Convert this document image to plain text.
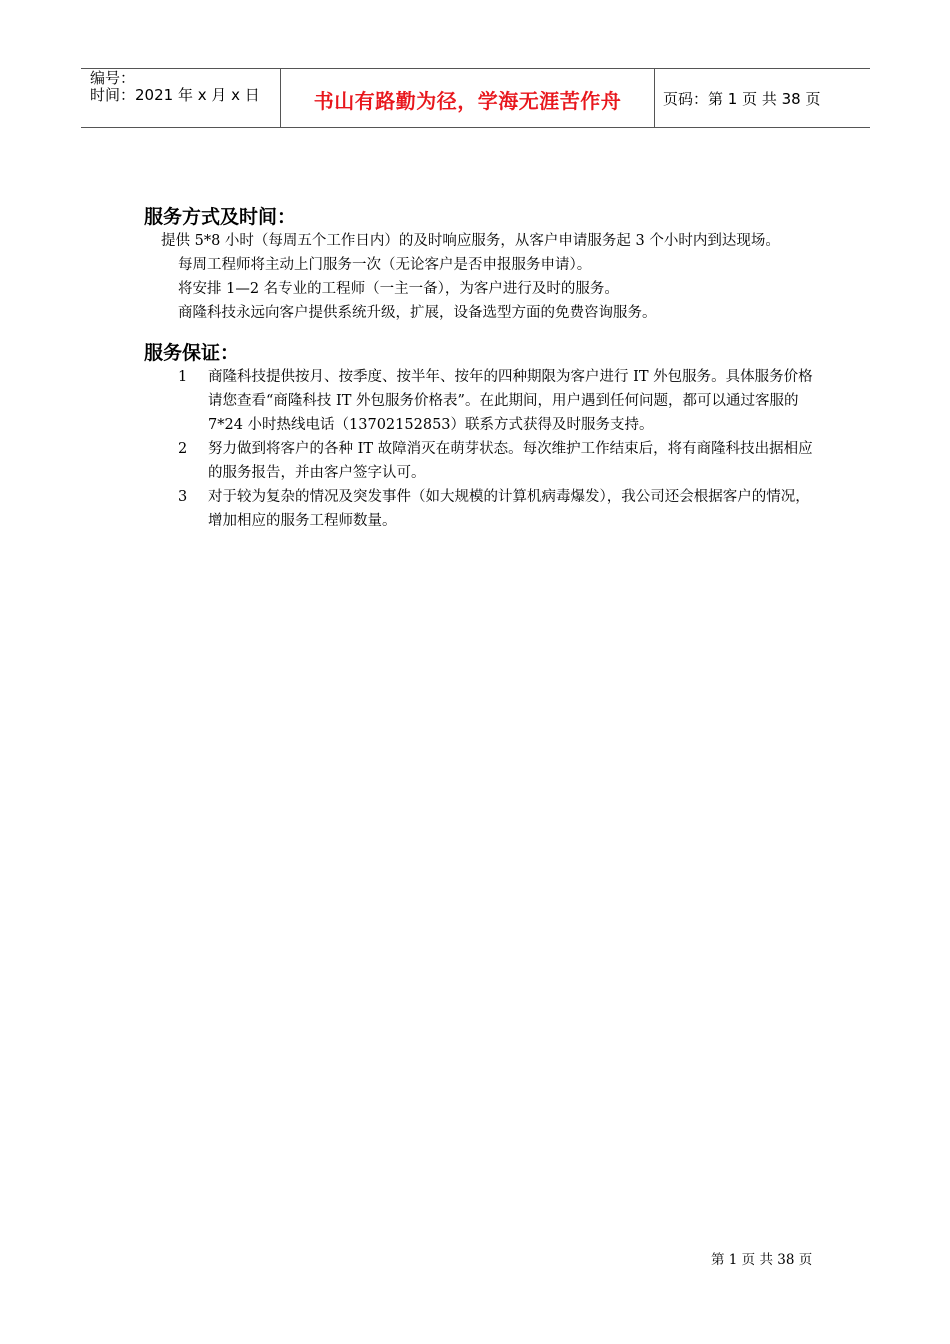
编号：
时间：2021 年 x 月 x 日	书山有路勤为径，学海无涯苦作舟	页码：第 1 页 共 38 页
服务方式及时间：

提供 5*8 小时（每周五个工作日内）的及时响应服务，从客户申请服务起 3 个小时内到达现场。

每周工程师将主动上门服务一次（无论客户是否申报服务申请）。

将安排 1—2 名专业的工程师（一主一备），为客户进行及时的服务。

商隆科技永远向客户提供系统升级，扩展，设备选型方面的免费咨询服务。

服务保证：
1 商隆科技提供按月、按季度、按半年、按年的四种期限为客户进行 IT 外包服务。具体服务价格请您查看“商隆科技 IT 外包服务价格表”。在此期间，用户遇到任何问题，都可以通过客服的 7*24 小时热线电话（13702152853）联系方式获得及时服务支持。
2 努力做到将客户的各种 IT 故障消灭在萌芽状态。每次维护工作结束后，将有商隆科技出据相应的服务报告，并由客户签字认可。
3 对于较为复杂的情况及突发事件（如大规模的计算机病毒爆发），我公司还会根据客户的情况，增加相应的服务工程师数量。
第 1 页 共 38 页
